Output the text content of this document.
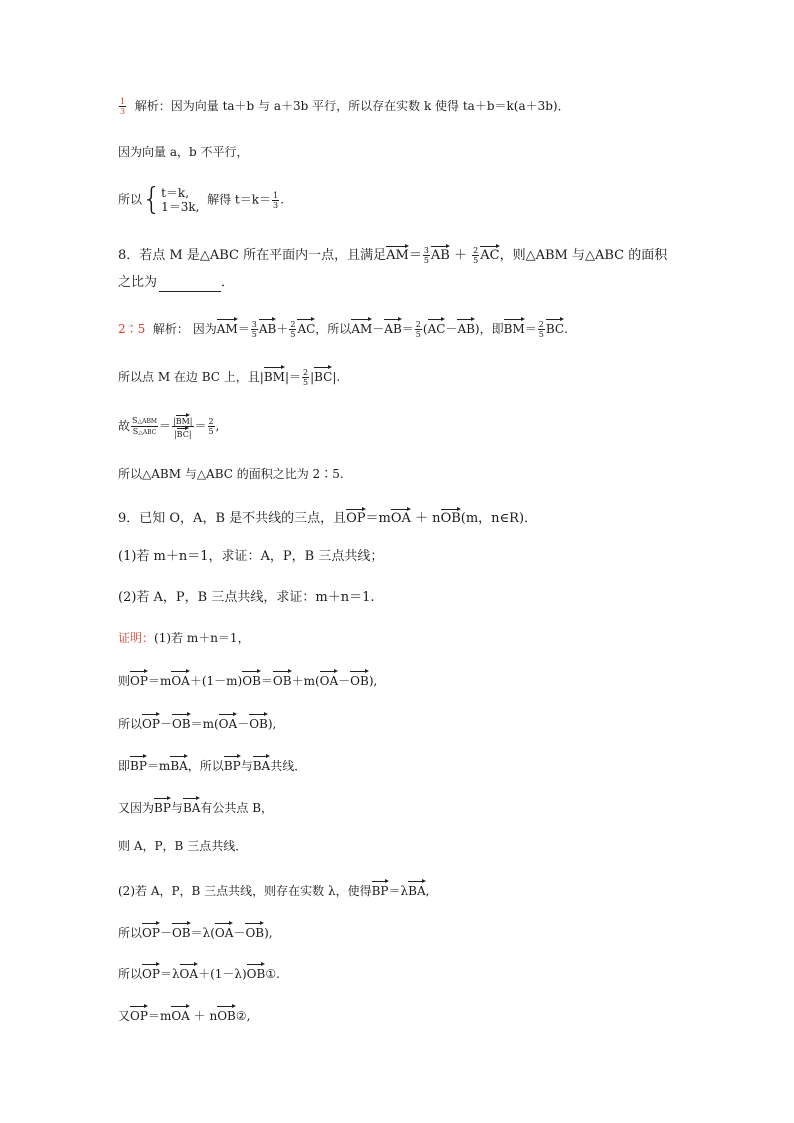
$\frac{1}{3}$ 解析：因为向量 ta＋b 与 a＋3b 平行，所以存在实数 k 使得 ta＋b＝k(a＋3b)．
因为向量 a，b 不平行，
所以{t＝k,
1＝3k,  解得 $t=k= \frac{1}{3}$ .
8．若点 M 是△ABC 所在平面内一点，且满足$AM= \frac{3}{5}$ AB ＋ $\frac{2}{5}$ AC，则△ABM 与△ABC 的面积
之比为	．
2∶5 解析： 因为$AM= \frac{3}{5} AB+ \frac{2}{5}$ AC，所以$AM-AB= \frac{2}{5} (AC-AB)$，即$BM= \frac{2}{5}$ BC.
所以点 M 在边 BC 上，且$|BM|= \frac{2}{5} |BC|$.
故 $\frac{\text{S△ABM}}{\text{S△ABC}} = \frac{|BM|}{|BC|} = \frac{2}{5}$ ,
所以△ABM 与△ABC 的面积之比为 2∶5.
9．已知 O，A，B 是不共线的三点，且OP＝mOA ＋ nOB(m，n∈R)．
(1)若 m＋n＝1，求证：A，P，B 三点共线；
(2)若 A，P，B 三点共线，求证：m＋n＝1.
证明：(1)若 m＋n＝1，
则OP＝mOA＋(1－m)OB＝OB＋m(OA－OB),
所以OP－OB＝m(OA－OB),
即BP＝mBA，所以BP与BA共线．
又因为BP与BA有公共点 B，
则 A，P，B 三点共线．
(2)若 A，P，B 三点共线，则存在实数 λ，使得BP＝λBA,
所以OP－OB＝λ(OA－OB),
所以OP＝λOA＋(1－λ)OB①.
又OP＝mOA ＋ nOB②,
